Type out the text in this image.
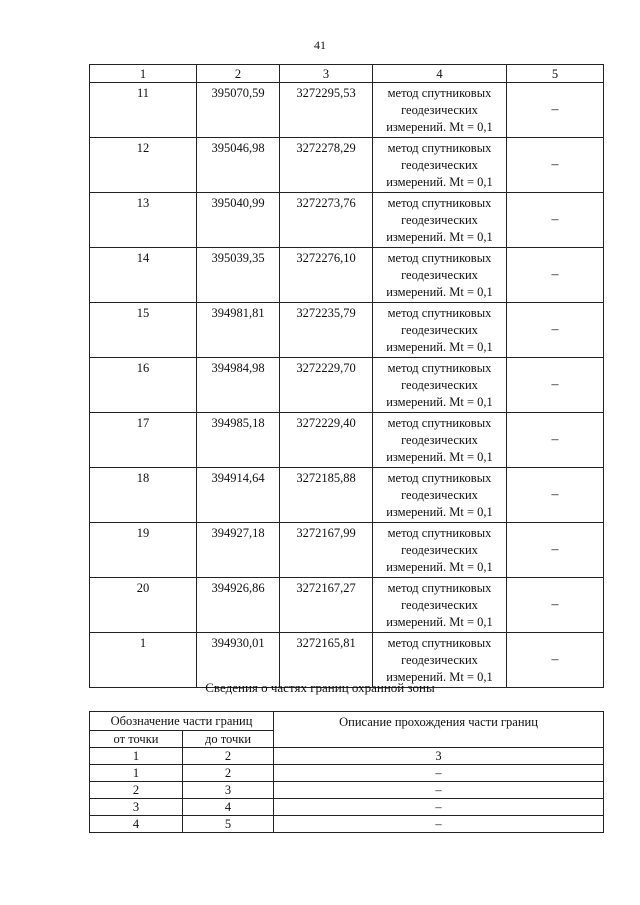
41
1	2	3	4	5
11	395070,59	3272295,53	метод спутниковых
геодезических
измерений. Mt = 0,1	–
12	395046,98	3272278,29	метод спутниковых
геодезических
измерений. Mt = 0,1	–
13	395040,99	3272273,76	метод спутниковых
геодезических
измерений. Mt = 0,1	–
14	395039,35	3272276,10	метод спутниковых
геодезических
измерений. Mt = 0,1	–
15	394981,81	3272235,79	метод спутниковых
геодезических
измерений. Mt = 0,1	–
16	394984,98	3272229,70	метод спутниковых
геодезических
измерений. Mt = 0,1	–
17	394985,18	3272229,40	метод спутниковых
геодезических
измерений. Mt = 0,1	–
18	394914,64	3272185,88	метод спутниковых
геодезических
измерений. Mt = 0,1	–
19	394927,18	3272167,99	метод спутниковых
геодезических
измерений. Mt = 0,1	–
20	394926,86	3272167,27	метод спутниковых
геодезических
измерений. Mt = 0,1	–
1	394930,01	3272165,81	метод спутниковых
геодезических
измерений. Mt = 0,1	–
Сведения о частях границ охранной зоны
Обозначение части границ		Описание прохождения части границ
от точки	до точки	
1	2	3
1	2	–
2	3	–
3	4	–
4	5	–
